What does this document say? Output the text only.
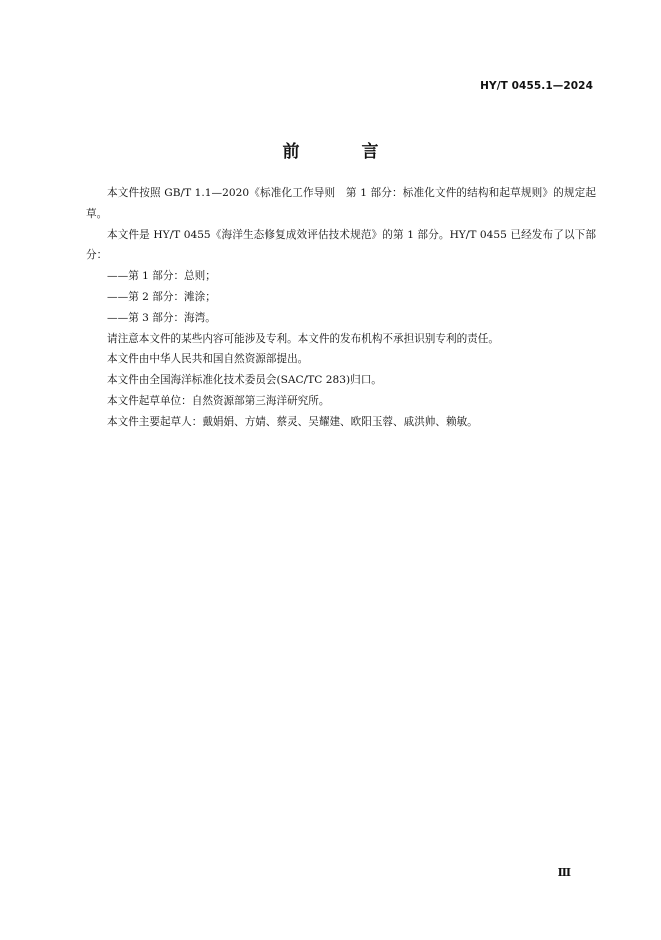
HY/T 0455.1—2024
前 言

本文件按照 GB/T 1.1—2020《标准化工作导则　第 1 部分：标准化文件的结构和起草规则》的规定起草。

本文件是 HY/T 0455《海洋生态修复成效评估技术规范》的第 1 部分。HY/T 0455 已经发布了以下部分：

——第 1 部分：总则；

——第 2 部分：滩涂；

——第 3 部分：海湾。

请注意本文件的某些内容可能涉及专利。本文件的发布机构不承担识别专利的责任。

本文件由中华人民共和国自然资源部提出。

本文件由全国海洋标准化技术委员会(SAC/TC 283)归口。

本文件起草单位：自然资源部第三海洋研究所。

本文件主要起草人：戴娟娟、方婧、蔡灵、吴耀建、欧阳玉蓉、戚洪帅、赖敏。

Ⅲ
